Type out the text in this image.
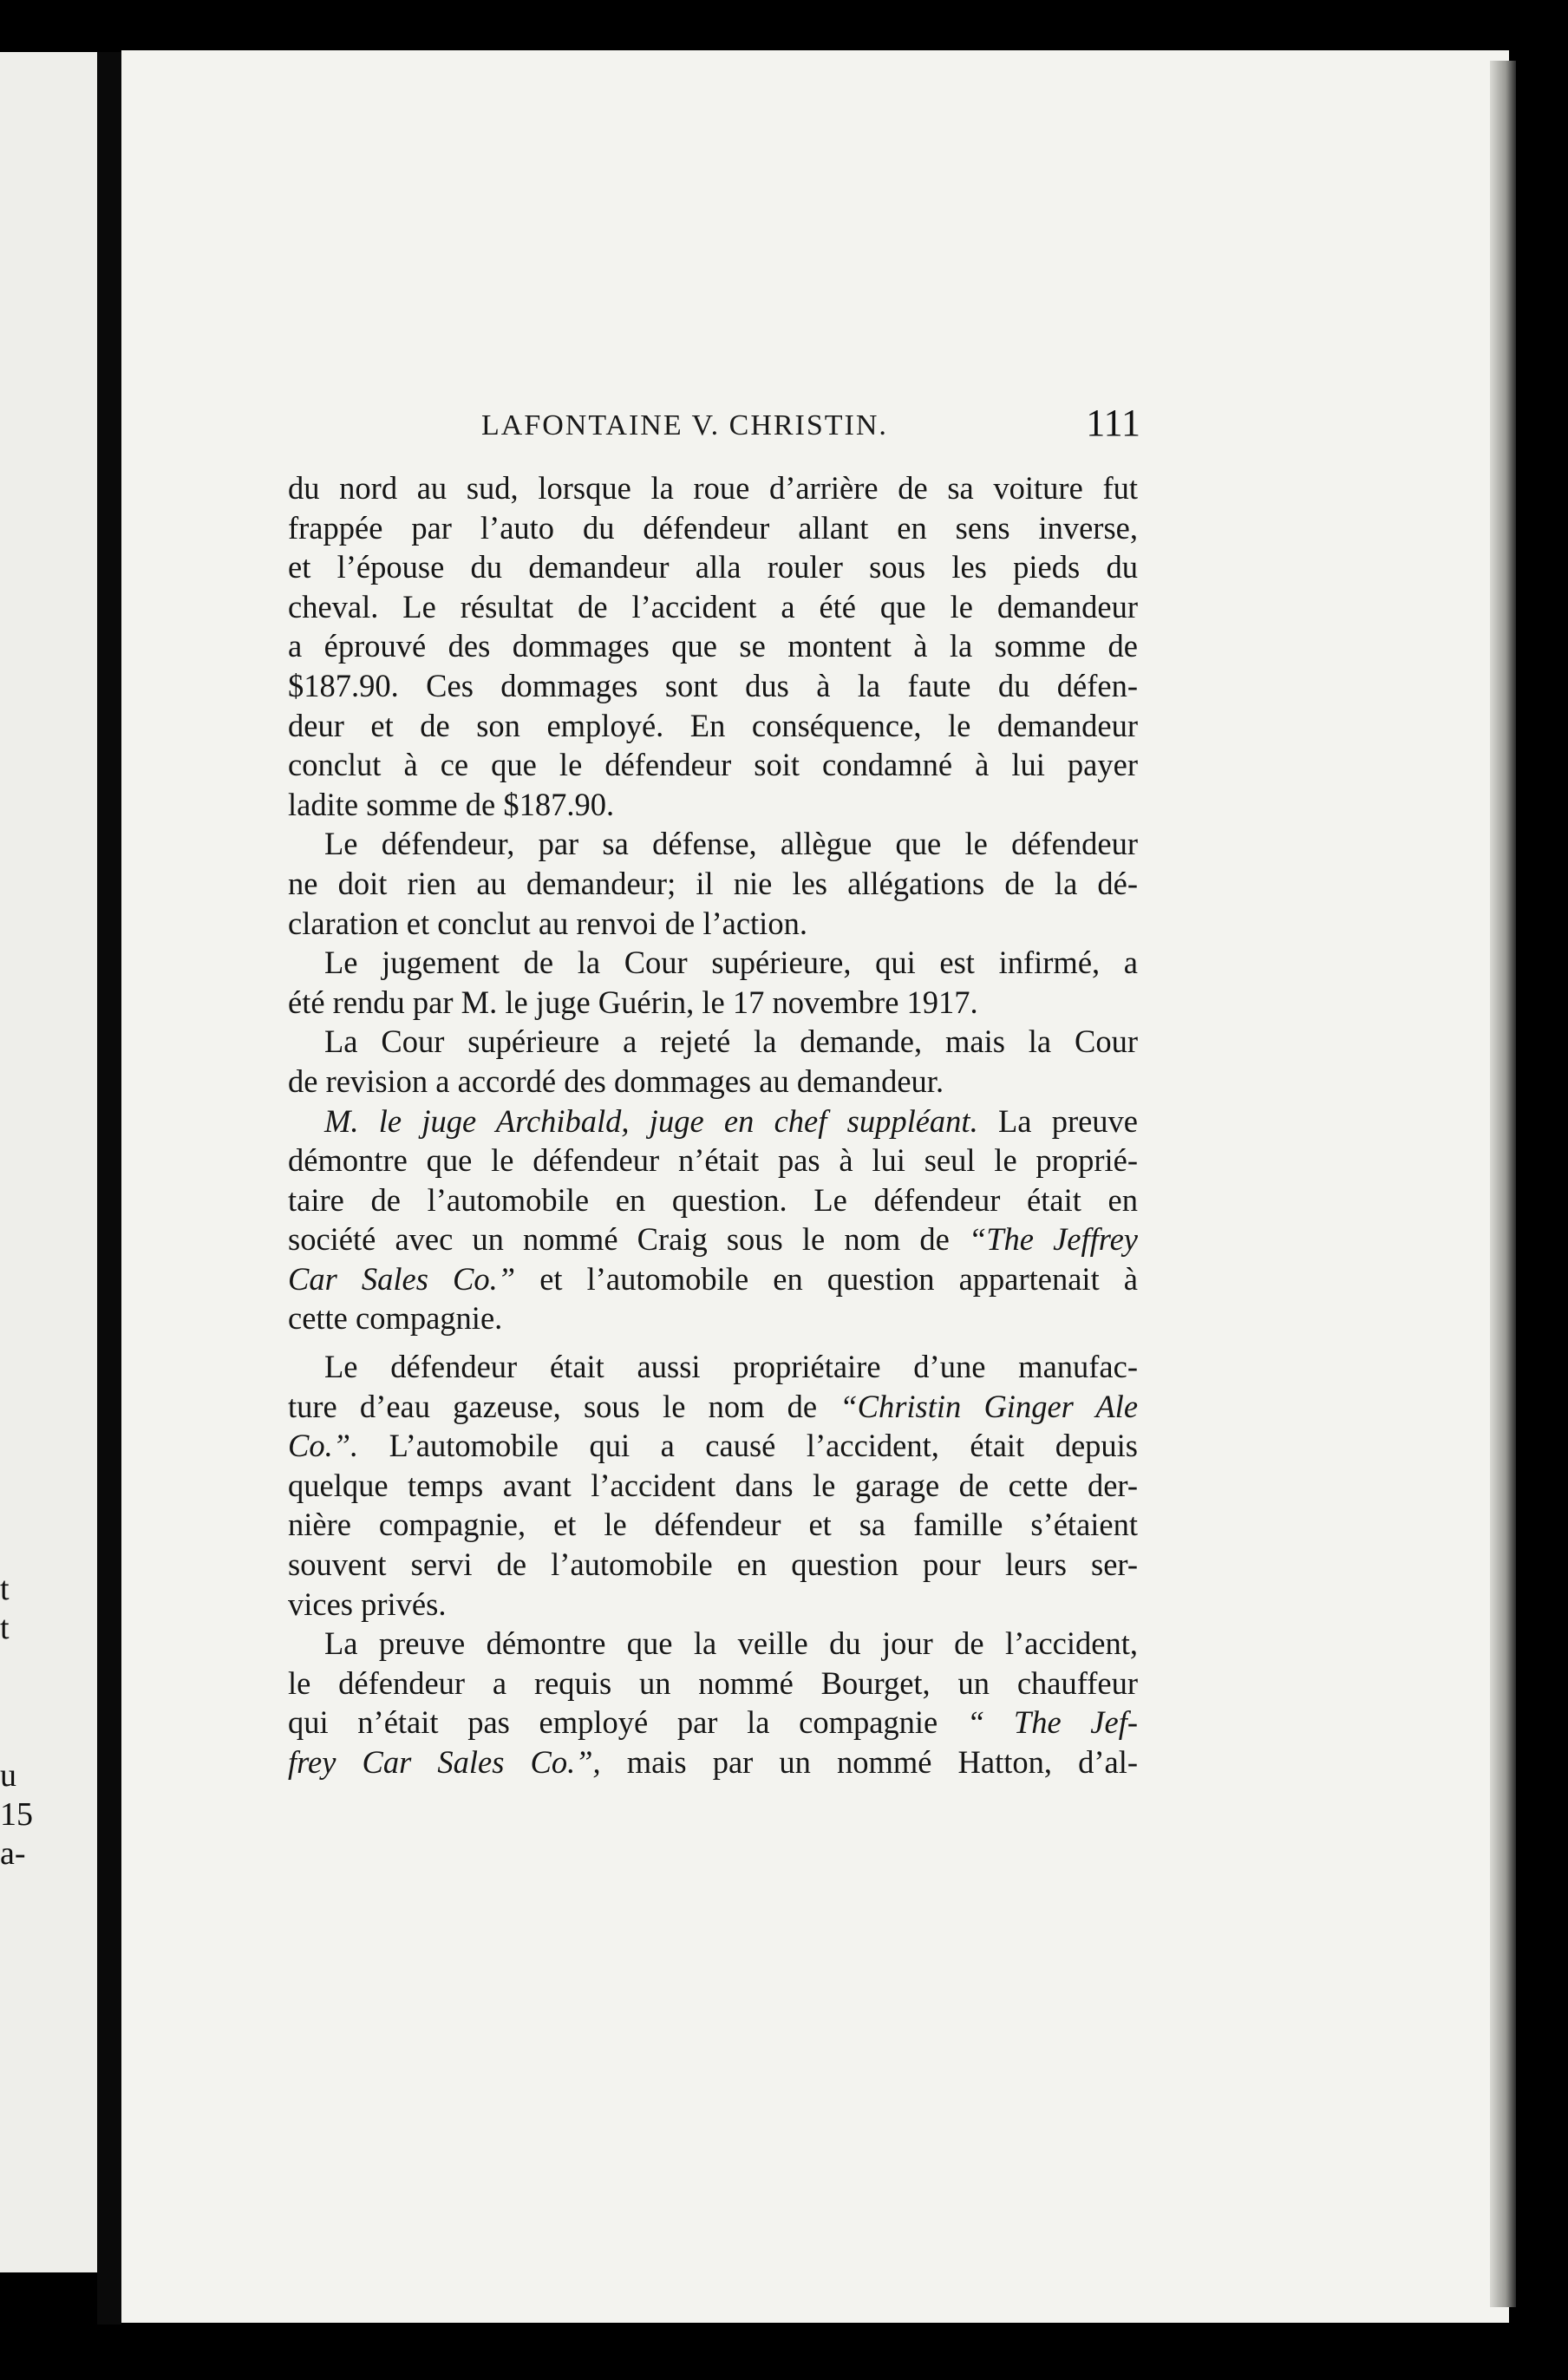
t
t
u
15
a-
LAFONTAINE V. CHRISTIN.	111
du nord au sud, lorsque la roue d’arrière de sa voiture fut
frappée par l’auto du défendeur allant en sens inverse,
et l’épouse du demandeur alla rouler sous les pieds du
cheval. Le résultat de l’accident a été que le demandeur
a éprouvé des dommages que se montent à la somme de
$187.90. Ces dommages sont dus à la faute du défen-
deur et de son employé. En conséquence, le demandeur
conclut à ce que le défendeur soit condamné à lui payer
ladite somme de $187.90.
Le défendeur, par sa défense, allègue que le défendeur
ne doit rien au demandeur; il nie les allégations de la dé-
claration et conclut au renvoi de l’action.
Le jugement de la Cour supérieure, qui est infirmé, a
été rendu par M. le juge Guérin, le 17 novembre 1917.
La Cour supérieure a rejeté la demande, mais la Cour
de revision a accordé des dommages au demandeur.
M. le juge Archibald, juge en chef suppléant. La preuve
démontre que le défendeur n’était pas à lui seul le proprié-
taire de l’automobile en question. Le défendeur était en
société avec un nommé Craig sous le nom de “The Jeffrey
Car Sales Co.” et l’automobile en question appartenait à
cette compagnie.
Le défendeur était aussi propriétaire d’une manufac-
ture d’eau gazeuse, sous le nom de “Christin Ginger Ale
Co.”. L’automobile qui a causé l’accident, était depuis
quelque temps avant l’accident dans le garage de cette der-
nière compagnie, et le défendeur et sa famille s’étaient
souvent servi de l’automobile en question pour leurs ser-
vices privés.
La preuve démontre que la veille du jour de l’accident,
le défendeur a requis un nommé Bourget, un chauffeur
qui n’était pas employé par la compagnie “ The Jef-
frey Car Sales Co.”, mais par un nommé Hatton, d’al-
